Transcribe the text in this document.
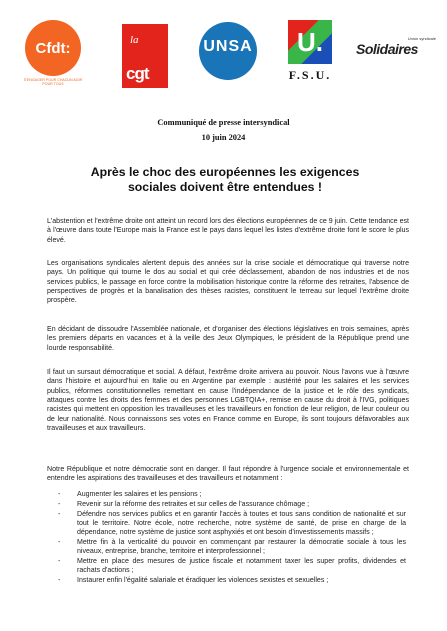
Cfdt:
S'ENGAGER POUR CHACUN AGIR POUR TOUS
la
cgt
UNSA	U.
F.S.U.
Union syndicale
Solidaires
Communiqué de presse intersyndical
10 juin 2024
Après le choc des européennes les exigences sociales doivent être entendues !

L'abstention et l'extrême droite ont atteint un record lors des élections européennes de ce 9 juin. Cette tendance est à l'œuvre dans toute l'Europe mais la France est le pays dans lequel les listes d'extrême droite font le score le plus élevé.

Les organisations syndicales alertent depuis des années sur la crise sociale et démocratique qui traverse notre pays. Un politique qui tourne le dos au social et qui crée déclassement, abandon de nos industries et de nos services publics, le passage en force contre la mobilisation historique contre la réforme des retraites, l'absence de perspectives de progrès et la banalisation des thèses racistes, constituent le terreau sur lequel l'extrême droite prospère.

En décidant de dissoudre l'Assemblée nationale, et d'organiser des élections législatives en trois semaines, après les premiers départs en vacances et à la veille des Jeux Olympiques, le président de la République prend une lourde responsabilité.

Il faut un sursaut démocratique et social. A défaut, l'extrême droite arrivera au pouvoir. Nous l'avons vue à l'œuvre dans l'histoire et aujourd'hui en Italie ou en Argentine par exemple : austérité pour les salaires et les services publics, réformes constitutionnelles remettant en cause l'indépendance de la justice et le rôle des syndicats, attaques contre les droits des femmes et des personnes LGBTQIA+, remise en cause du droit à l'IVG, politiques racistes qui mettent en opposition les travailleuses et les travailleurs en fonction de leur religion, de leur couleur ou de leur nationalité. Nous connaissons ses votes en France comme en Europe, ils sont toujours défavorables aux travailleuses et aux travailleurs.

Notre République et notre démocratie sont en danger. Il faut répondre à l'urgence sociale et environnementale et entendre les aspirations des travailleuses et des travailleurs et notamment :

- Augmenter les salaires et les pensions ;
- Revenir sur la réforme des retraites et sur celles de l'assurance chômage ;
- Défendre nos services publics et en garantir l'accès à toutes et tous sans condition de nationalité et sur tout le territoire. Notre école, notre recherche, notre système de santé, de prise en charge de la dépendance, notre système de justice sont asphyxiés et ont besoin d'investissements massifs ;
- Mettre fin à la verticalité du pouvoir en commençant par restaurer la démocratie sociale à tous les niveaux, entreprise, branche, territoire et interprofessionnel ;
- Mettre en place des mesures de justice fiscale et notamment taxer les super profits, dividendes et rachats d'actions ;
- Instaurer enfin l'égalité salariale et éradiquer les violences sexistes et sexuelles ;
